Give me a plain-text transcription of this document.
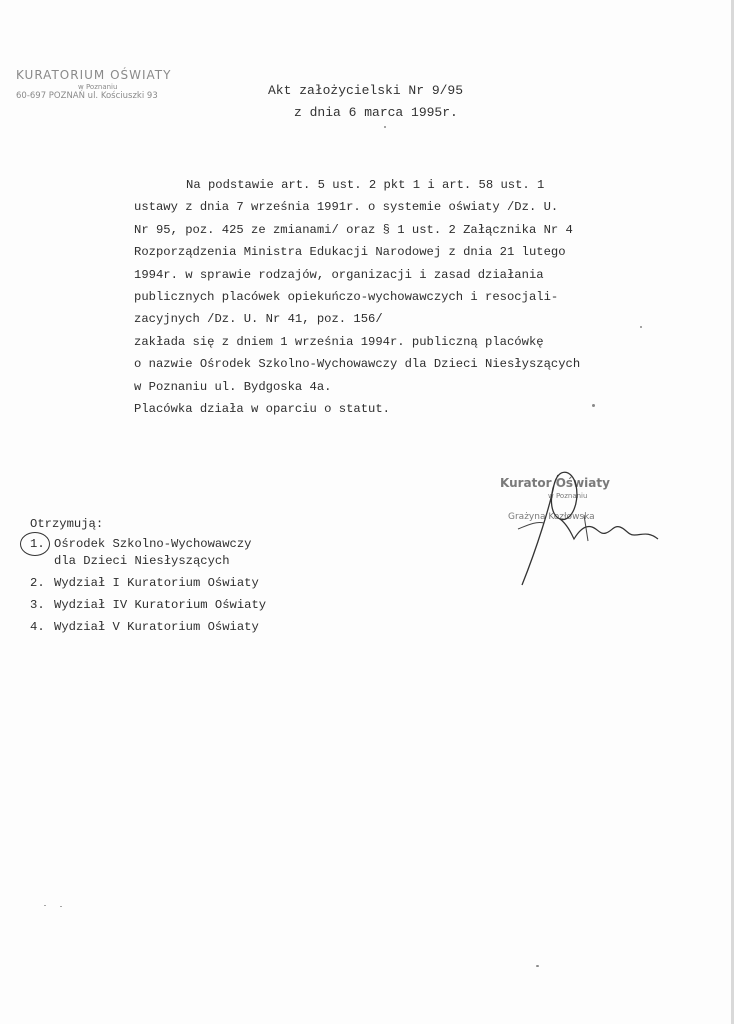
KURATORIUM OŚWIATY
w Poznaniu
60-697 POZNAŃ ul. Kościuszki 93	Akt założycielski Nr 9/95
z dnia 6 marca 1995r.
Na podstawie art. 5 ust. 2 pkt 1 i art. 58 ust. 1
ustawy z dnia 7 września 1991r. o systemie oświaty /Dz. U.
Nr 95, poz. 425 ze zmianami/ oraz § 1 ust. 2 Załącznika Nr 4
Rozporządzenia Ministra Edukacji Narodowej z dnia 21 lutego
1994r. w sprawie rodzajów, organizacji i zasad działania
publicznych placówek opiekuńczo-wychowawczych i resocjali-
zacyjnych /Dz. U. Nr 41, poz. 156/
zakłada się z dniem 1 września 1994r. publiczną placówkę
o nazwie Ośrodek Szkolno-Wychowawczy dla Dzieci Niesłyszących
w Poznaniu ul. Bydgoska 4a.
Placówka działa w oparciu o statut.
Kurator Oświaty
w Poznaniu
Grażyna Kozłowska
Otrzymują:
1. Ośrodek Szkolno-Wychowawczy
dla Dzieci Niesłyszących
2. Wydział I Kuratorium Oświaty
3. Wydział IV Kuratorium Oświaty
4. Wydział V Kuratorium Oświaty
